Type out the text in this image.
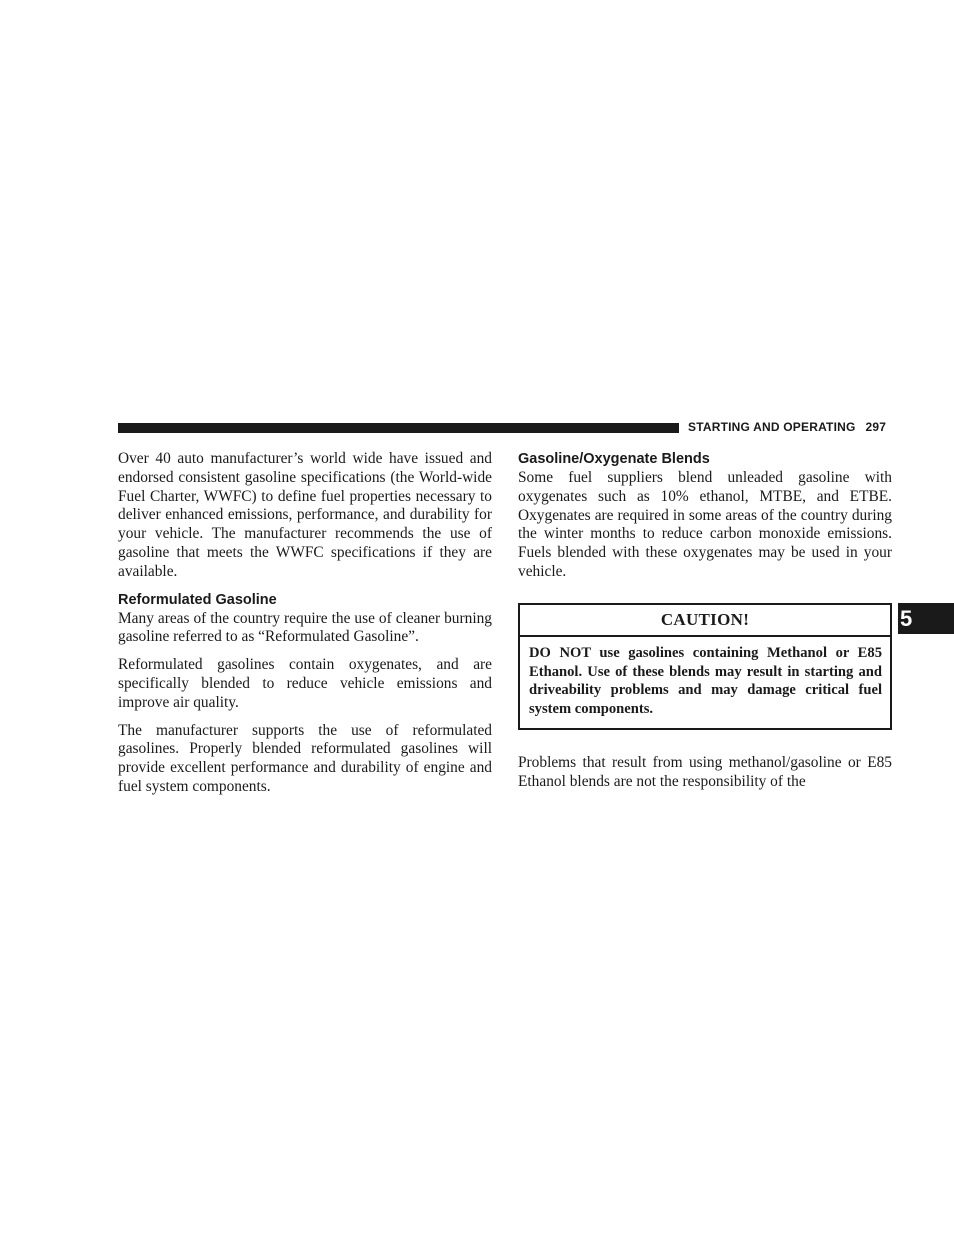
STARTING AND OPERATING 297

Over 40 auto manufacturer’s world wide have issued and endorsed consistent gasoline specifications (the World-wide Fuel Charter, WWFC) to define fuel properties necessary to deliver enhanced emissions, performance, and durability for your vehicle. The manufacturer recommends the use of gasoline that meets the WWFC specifications if they are available.

Reformulated Gasoline

Many areas of the country require the use of cleaner burning gasoline referred to as “Reformulated Gasoline”.

Reformulated gasolines contain oxygenates, and are specifically blended to reduce vehicle emissions and improve air quality.

The manufacturer supports the use of reformulated gasolines. Properly blended reformulated gasolines will provide excellent performance and durability of engine and fuel system components.

Gasoline/Oxygenate Blends

Some fuel suppliers blend unleaded gasoline with oxygenates such as 10% ethanol, MTBE, and ETBE. Oxygenates are required in some areas of the country during the winter months to reduce carbon monoxide emissions. Fuels blended with these oxygenates may be used in your vehicle.

CAUTION!
DO NOT use gasolines containing Methanol or E85 Ethanol. Use of these blends may result in starting and driveability problems and may damage critical fuel system components.

Problems that result from using methanol/gasoline or E85 Ethanol blends are not the responsibility of the

5
